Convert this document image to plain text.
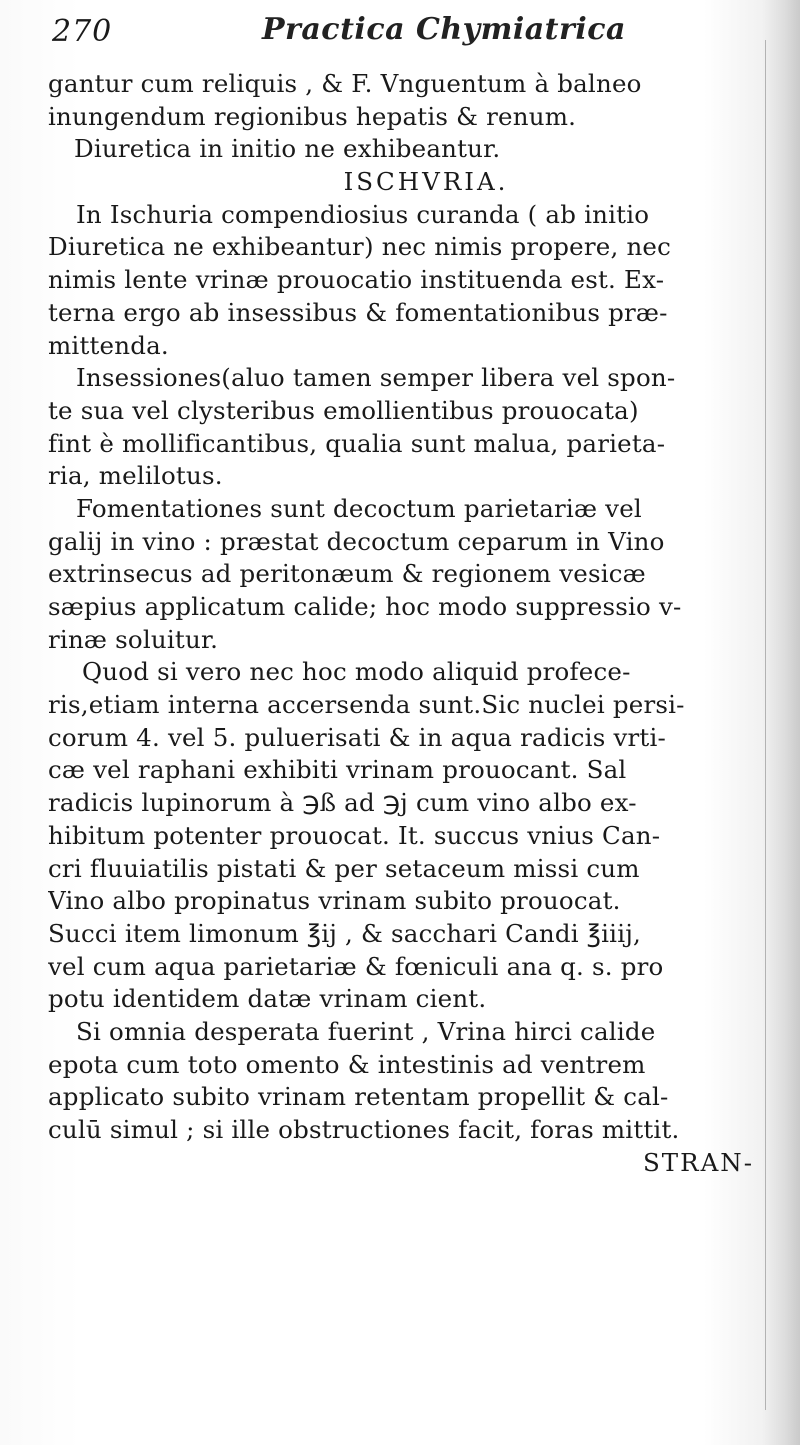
270	Practica Chymiatrica
gantur cum reliquis , & F. Vnguentum à balneo
inungendum regionibus hepatis & renum.
Diuretica in initio ne exhibeantur.
ISCHVRIA.
In Ischuria compendiosius curanda ( ab initio
Diuretica ne exhibeantur) nec nimis propere, nec
nimis lente vrinæ prouocatio instituenda est. Ex-
terna ergo ab insessibus & fomentationibus præ-
mittenda.
Insessiones(aluo tamen semper libera vel spon-
te sua vel clysteribus emollientibus prouocata)
fint è mollificantibus, qualia sunt malua, parieta-
ria, melilotus.
Fomentationes sunt decoctum parietariæ vel
galij in vino : præstat decoctum ceparum in Vino
extrinsecus ad peritonæum & regionem vesicæ
sæpius applicatum calide; hoc modo suppressio v-
rinæ soluitur.
Quod si vero nec hoc modo aliquid profece-
ris,etiam interna accersenda sunt.Sic nuclei persi-
corum 4. vel 5. puluerisati & in aqua radicis vrti-
cæ vel raphani exhibiti vrinam prouocant. Sal
radicis lupinorum à ℈ß ad ℈j cum vino albo ex-
hibitum potenter prouocat. It. succus vnius Can-
cri fluuiatilis pistati & per setaceum missi cum
Vino albo propinatus vrinam subito prouocat.
Succi item limonum ℥ij , & sacchari Candi ℥iiij,
vel cum aqua parietariæ & fœniculi ana q. s. pro
potu identidem datæ vrinam cient.
Si omnia desperata fuerint , Vrina hirci calide
epota cum toto omento & intestinis ad ventrem
applicato subito vrinam retentam propellit & cal-
culū simul ; si ille obstructiones facit, foras mittit.
STRAN-
